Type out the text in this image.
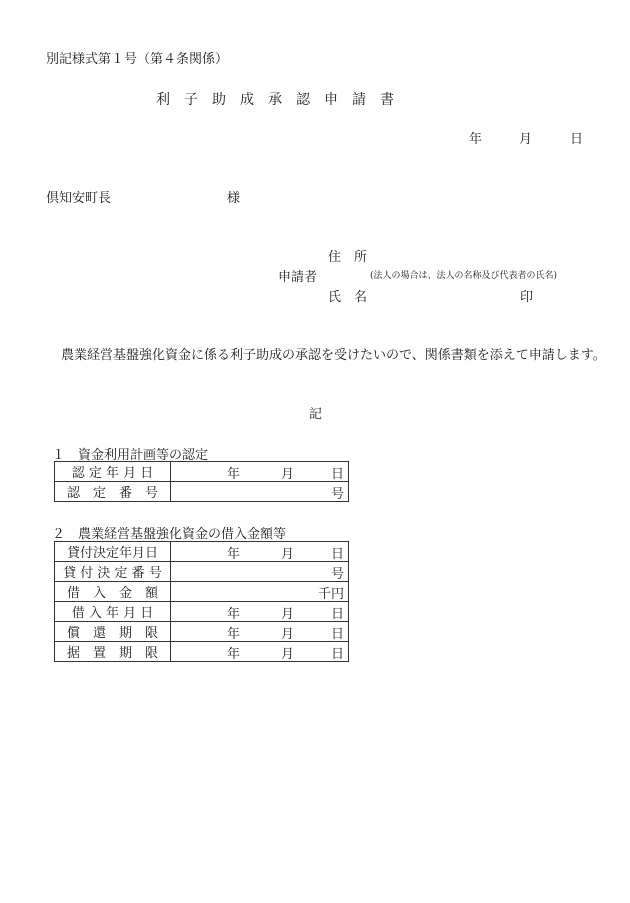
別記様式第１号（第４条関係）
利　子　助　成　承　認　申　請　書
年	月	日
倶知安町長	様
住　所
申請者	(法人の場合は、法人の名称及び代表者の氏名)
氏　名	印
農業経営基盤強化資金に係る利子助成の承認を受けたいので、関係書類を添えて申請します。
記
１　資金利用計画等の認定
認 定 年 月 日	年 月 日

認　定　番　号	号
２　農業経営基盤強化資金の借入金額等
貸付決定年月日	年 月 日

貸 付 決 定 番 号	号

借　入　金　額	千円

借 入 年 月 日	年 月 日

償　還　期　限	年 月 日

据　置　期　限	年 月 日
